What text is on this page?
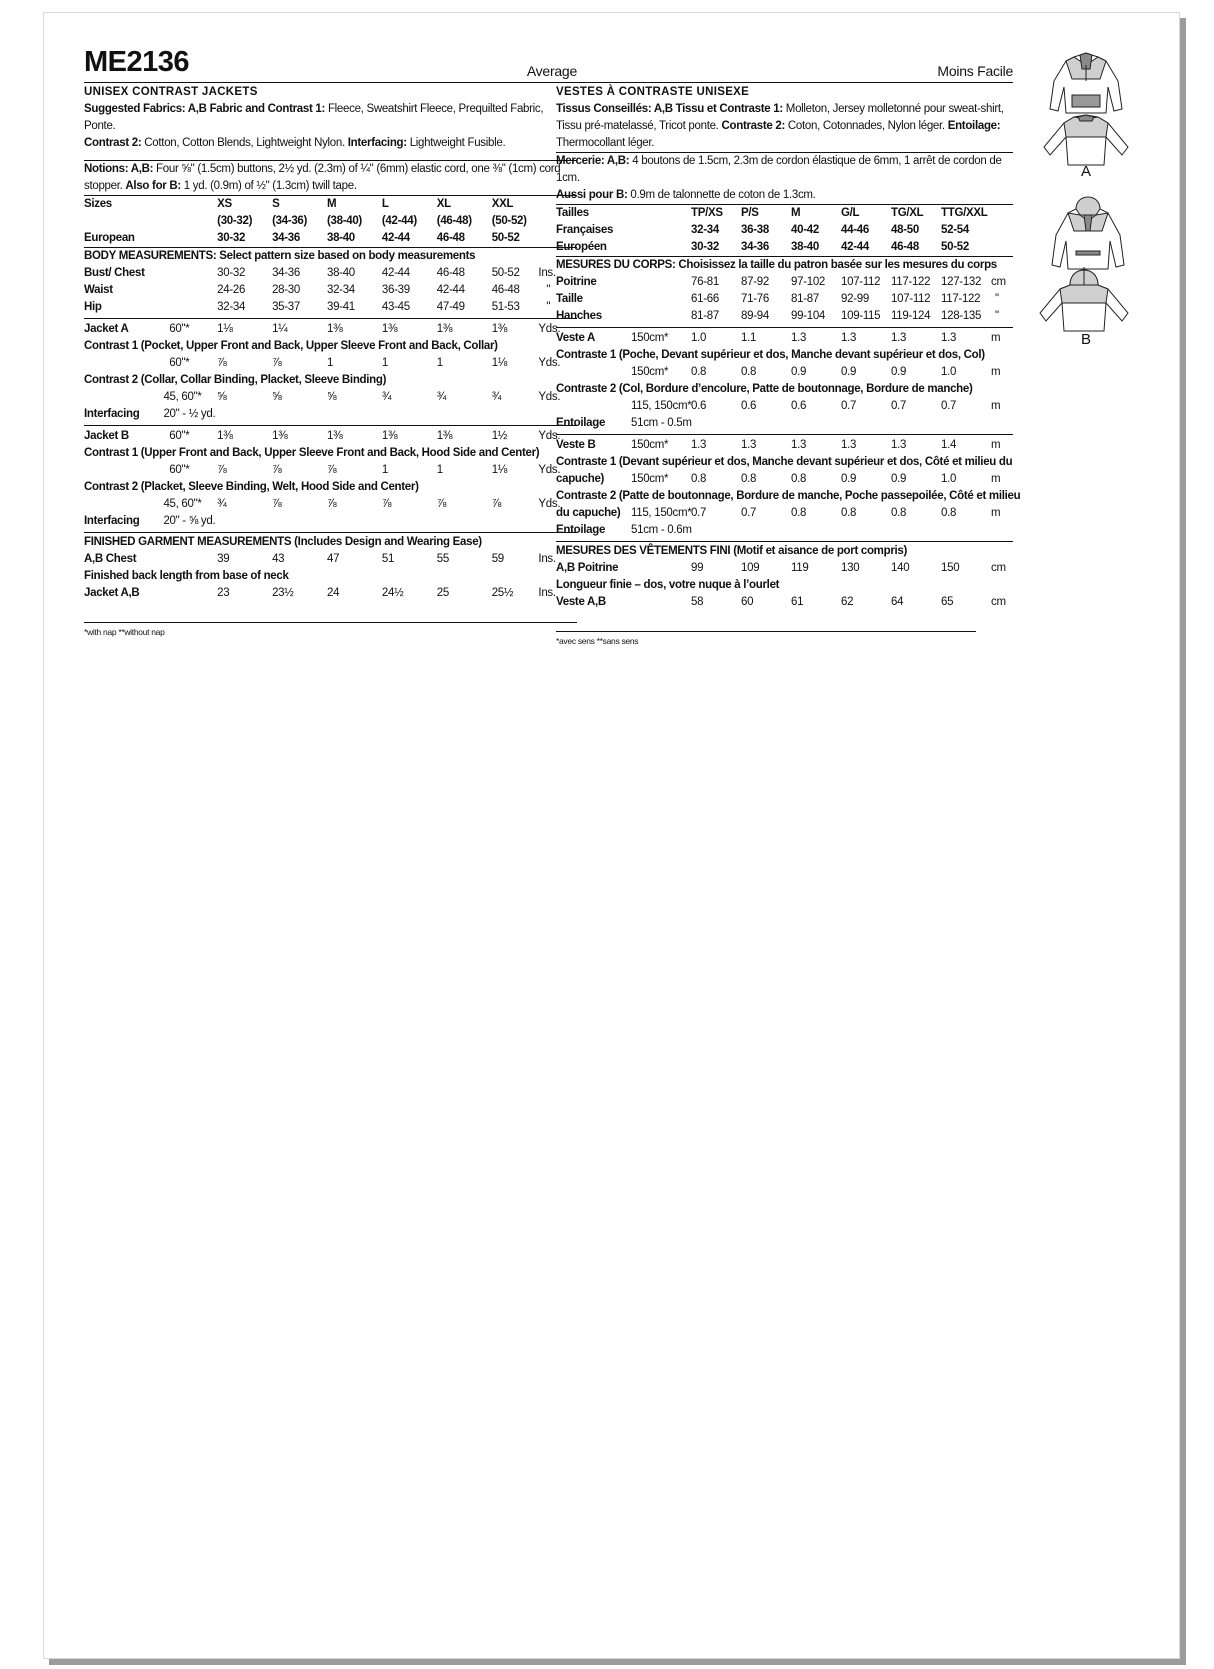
ME2136	Average
UNISEX CONTRAST JACKETS

Suggested Fabrics: A,B Fabric and Contrast 1: Fleece, Sweatshirt Fleece, Prequilted Fabric, Ponte.
Contrast 2: Cotton, Cotton Blends, Lightweight Nylon. Interfacing: Lightweight Fusible.

Notions: A,B: Four ⅝" (1.5cm) buttons, 2½ yd. (2.3m) of ¼" (6mm) elastic cord, one ⅜" (1cm) cord stopper. Also for B: 1 yd. (0.9m) of ½" (1.3cm) twill tape.

Sizes		XS	S	M	L	XL	XXL	
		(30-32)	(34-36)	(38-40)	(42-44)	(46-48)	(50-52)	
European		30-32	34-36	38-40	42-44	46-48	50-52	
BODY MEASUREMENTS: Select pattern size based on body measurements
Bust/ Chest	30-32	34-36	38-40	42-44	46-48	50-52	Ins.
Waist	24-26	28-30	32-34	36-39	42-44	46-48	"
Hip	32-34	35-37	39-41	43-45	47-49	51-53	"
Jacket A	60"*	1⅛	1¼	1⅜	1⅜	1⅜	1⅜	Yds.
Contrast 1 (Pocket, Upper Front and Back, Upper Sleeve Front and Back, Collar)
	60"*	⅞	⅞	1	1	1	1⅛	Yds.
Contrast 2 (Collar, Collar Binding, Placket, Sleeve Binding)
	45, 60"*	⅝	⅝	⅝	¾	¾	¾	Yds.
Interfacing	20" - ½ yd.							
Jacket B	60"*	1⅜	1⅜	1⅜	1⅜	1⅜	1½	Yds.
Contrast 1 (Upper Front and Back, Upper Sleeve Front and Back, Hood Side and Center)
	60"*	⅞	⅞	⅞	1	1	1⅛	Yds.
Contrast 2 (Placket, Sleeve Binding, Welt, Hood Side and Center)
	45, 60"*	¾	⅞	⅞	⅞	⅞	⅞	Yds.
Interfacing	20" - ⅝ yd.							
FINISHED GARMENT MEASUREMENTS (Includes Design and Wearing Ease)
A,B Chest	39	43	47	51	55	59	Ins.
Finished back length from base of neck
Jacket A,B	23	23½	24	24½	25	25½	Ins.
*with nap **without nap
Moins Facile
VESTES À CONTRASTE UNISEXE

Tissus Conseillés: A,B Tissu et Contraste 1: Molleton, Jersey molletonné pour sweat-shirt, Tissu pré-matelassé, Tricot ponte. Contraste 2: Coton, Cotonnades, Nylon léger. Entoilage: Thermocollant léger.

Mercerie: A,B: 4 boutons de 1.5cm, 2.3m de cordon élastique de 6mm, 1 arrêt de cordon de 1cm.
Aussi pour B: 0.9m de talonnette de coton de 1.3cm.

Tailles	TP/XS	P/S	M	G/L	TG/XL	TTG/XXL	
Françaises	32-34	36-38	40-42	44-46	48-50	52-54	
Européen	30-32	34-36	38-40	42-44	46-48	50-52	
MESURES DU CORPS: Choisissez la taille du patron basée sur les mesures du corps
Poitrine	76-81	87-92	97-102	107-112	117-122	127-132	cm
Taille	61-66	71-76	81-87	92-99	107-112	117-122	"
Hanches	81-87	89-94	99-104	109-115	119-124	128-135	"
Veste A	150cm*	1.0	1.1	1.3	1.3	1.3	1.3	m
Contraste 1 (Poche, Devant supérieur et dos, Manche devant supérieur et dos, Col)
	150cm*	0.8	0.8	0.9	0.9	0.9	1.0	m
Contraste 2 (Col, Bordure d’encolure, Patte de boutonnage, Bordure de manche)
	115, 150cm*	0.6	0.6	0.6	0.7	0.7	0.7	m
Entoilage	51cm - 0.5m							
Veste B	150cm*	1.3	1.3	1.3	1.3	1.3	1.4	m
Contraste 1 (Devant supérieur et dos, Manche devant supérieur et dos, Côté et milieu du
capuche)	150cm*	0.8	0.8	0.8	0.9	0.9	1.0	m
Contraste 2 (Patte de boutonnage, Bordure de manche, Poche passepoilée, Côté et milieu
du capuche)	115, 150cm*	0.7	0.7	0.8	0.8	0.8	0.8	m
Entoilage	51cm - 0.6m							
MESURES DES VÊTEMENTS FINI (Motif et aisance de port compris)
A,B Poitrine	99	109	119	130	140	150	cm
Longueur finie – dos, votre nuque à l’ourlet
Veste A,B	58	60	61	62	64	65	cm
*avec sens **sans sens
A
B
